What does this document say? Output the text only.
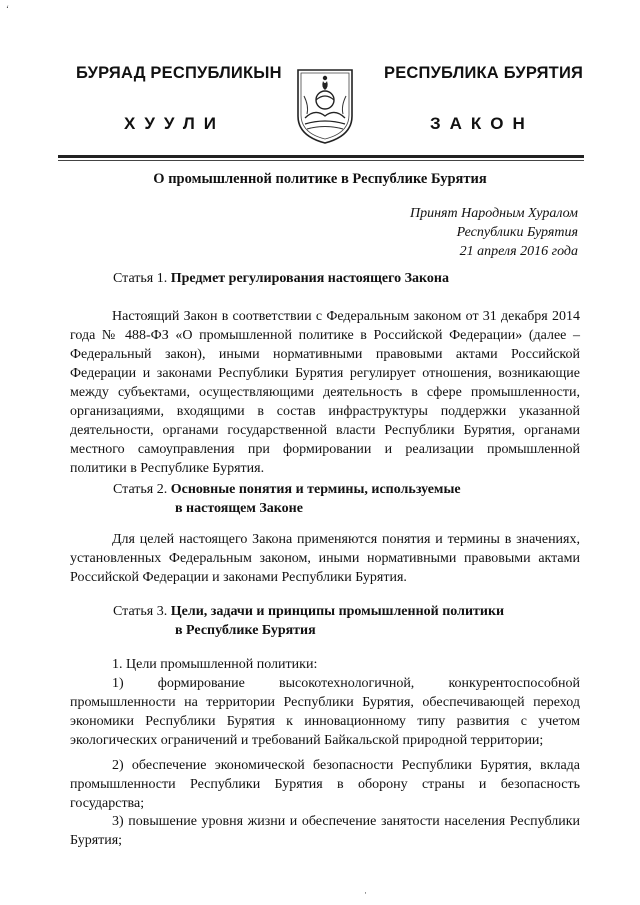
‘
БУРЯАД РЕСПУБЛИКЫН	РЕСПУБЛИКА БУРЯТИЯ
ХУУЛИ	ЗАКОН
О промышленной политике в Республике Бурятия
Принят Народным Хуралом
Республики Бурятия
21 апреля 2016 года
Статья 1. Предмет регулирования настоящего Закона
Настоящий Закон в соответствии с Федеральным законом от 31 декабря 2014 года № 488-ФЗ «О промышленной политике в Российской Федерации» (далее – Федеральный закон), иными нормативными правовыми актами Российской Федерации и законами Республики Бурятия регулирует отношения, возникающие между субъектами, осуществляющими деятельность в сфере промышленности, организациями, входящими в состав инфраструктуры поддержки указанной деятельности, органами государственной власти Республики Бурятия, органами местного самоуправления при формировании и реализации промышленной политики в Республике Бурятия.
Статья 2. Основные понятия и термины, используемые
в настоящем Законе
Для целей настоящего Закона применяются понятия и термины в значениях, установленных Федеральным законом, иными нормативными правовыми актами Российской Федерации и законами Республики Бурятия.
Статья 3. Цели, задачи и принципы промышленной политики
в Республике Бурятия
1. Цели промышленной политики:
1) формирование высокотехнологичной, конкурентоспособной промышленности на территории Республики Бурятия, обеспечивающей переход экономики Республики Бурятия к инновационному типу развития с учетом экологических ограничений и требований Байкальской природной территории;
2) обеспечение экономической безопасности Республики Бурятия, вклада промышленности Республики Бурятия в оборону страны и безопасность государства;
3) повышение уровня жизни и обеспечение занятости населения Республики Бурятия;
·
